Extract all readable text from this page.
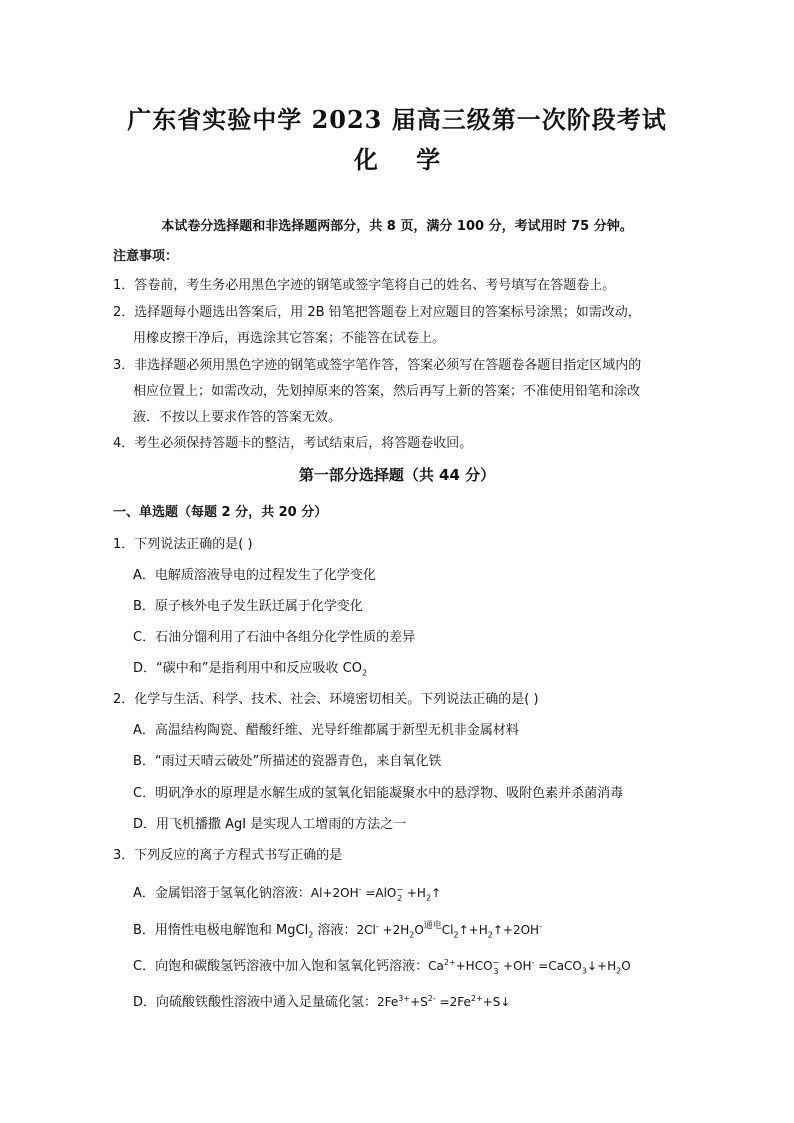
广东省实验中学 2023 届高三级第一次阶段考试
化 学
本试卷分选择题和非选择题两部分，共 8 页，满分 100 分，考试用时 75 分钟。
注意事项：
1．答卷前，考生务必用黑色字迹的钢笔或签字笔将自己的姓名、考号填写在答题卷上。
2．选择题每小题选出答案后，用 2B 铅笔把答题卷上对应题目的答案标号涂黑；如需改动，
用橡皮擦干净后，再选涂其它答案；不能答在试卷上。
3．非选择题必须用黑色字迹的钢笔或签字笔作答，答案必须写在答题卷各题目指定区域内的
相应位置上；如需改动，先划掉原来的答案，然后再写上新的答案；不准使用铅笔和涂改
液．不按以上要求作答的答案无效。
4．考生必须保持答题卡的整洁，考试结束后，将答题卷收回。
第一部分选择题（共 44 分）
一、单选题（每题 2 分，共 20 分）
1．下列说法正确的是( )
A．电解质溶液导电的过程发生了化学变化
B．原子核外电子发生跃迁属于化学变化
C．石油分馏利用了石油中各组分化学性质的差异
D．“碳中和”是指利用中和反应吸收 $CO_2$
2．化学与生活、科学、技术、社会、环境密切相关。下列说法正确的是( )
A．高温结构陶瓷、醋酸纤维、光导纤维都属于新型无机非金属材料
B．“雨过天晴云破处”所描述的瓷器青色，来自氧化铁
C．明矾净水的原理是水解生成的氢氧化铝能凝聚水中的悬浮物、吸附色素并杀菌消毒
D．用飞机播撒 AgI 是实现人工增雨的方法之一
3．下列反应的离子方程式书写正确的是
A．金属铝溶于氢氧化钠溶液：Al+2OH- =AlO −
$2 +H_2↑$
B．用惰性电极电解饱和 MgCl$_2$ 溶液：$2Cl^- +2H_2O^{通电}Cl_2↑+H_2↑+2OH^-$
C．向饱和碳酸氢钙溶液中加入饱和氢氧化钙溶液：$Ca^{2+}+HCO$ −
$3 +OH^- =CaCO_3↓+H_2O$
D．向硫酸铁酸性溶液中通入足量硫化氢：$2Fe^{3+}+S^{2-}$ $=2Fe^{2+}+S↓$
